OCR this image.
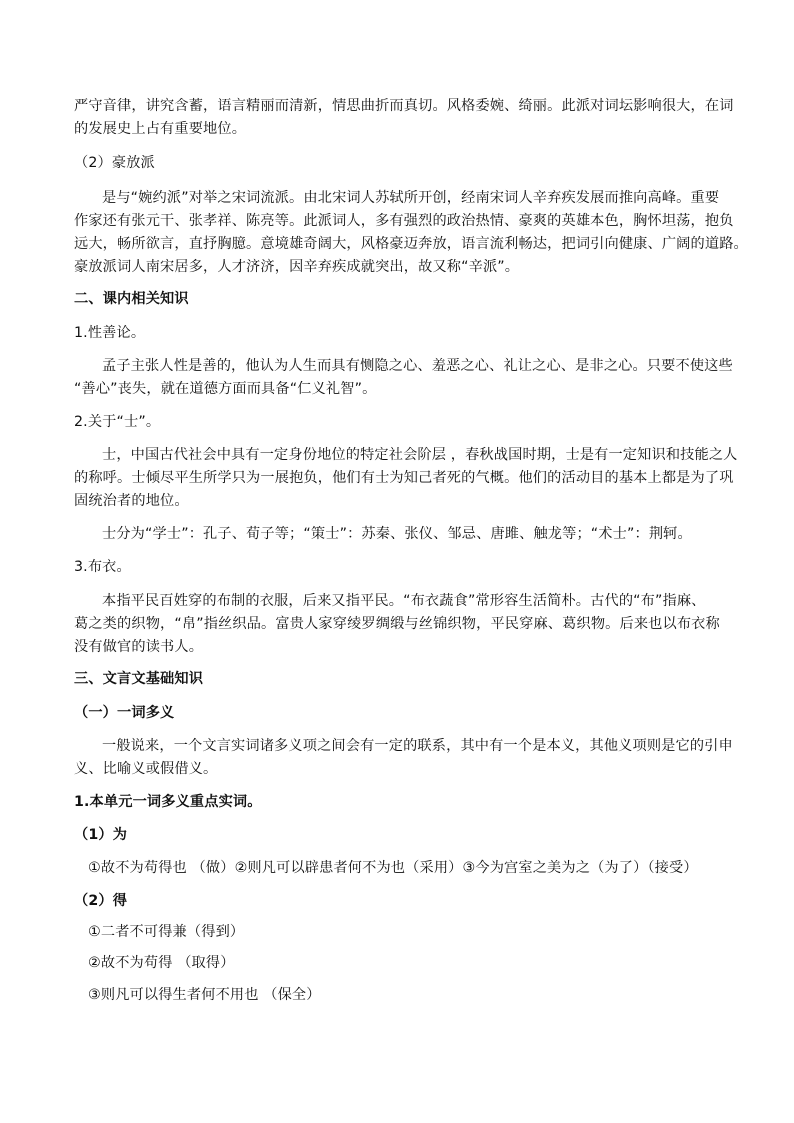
严守音律，讲究含蓄，语言精丽而清新，情思曲折而真切。风格委婉、绮丽。此派对词坛影响很大，在词
的发展史上占有重要地位。
（2）豪放派
是与“婉约派”对举之宋词流派。由北宋词人苏轼所开创，经南宋词人辛弃疾发展而推向高峰。重要
作家还有张元干、张孝祥、陈亮等。此派词人，多有强烈的政治热情、豪爽的英雄本色，胸怀坦荡，抱负
远大，畅所欲言，直抒胸臆。意境雄奇阔大，风格豪迈奔放，语言流利畅达，把词引向健康、广阔的道路。
豪放派词人南宋居多，人才济济，因辛弃疾成就突出，故又称“辛派”。
二、课内相关知识
1.性善论。
孟子主张人性是善的，他认为人生而具有恻隐之心、羞恶之心、礼让之心、是非之心。只要不使这些
“善心”丧失，就在道德方面而具备“仁义礼智”。
2.关于“士”。
士，中国古代社会中具有一定身份地位的特定社会阶层 ，春秋战国时期，士是有一定知识和技能之人
的称呼。士倾尽平生所学只为一展抱负，他们有士为知己者死的气概。他们的活动目的基本上都是为了巩
固统治者的地位。
士分为“学士”：孔子、荀子等；“策士”：苏秦、张仪、邹忌、唐雎、触龙等；“术士”：荆轲。
3.布衣。
本指平民百姓穿的布制的衣服，后来又指平民。“布衣蔬食”常形容生活简朴。古代的“布”指麻、
葛之类的织物，“帛”指丝织品。富贵人家穿绫罗绸缎与丝锦织物，平民穿麻、葛织物。后来也以布衣称
没有做官的读书人。
三、文言文基础知识
（一）一词多义
一般说来，一个文言实词诸多义项之间会有一定的联系，其中有一个是本义，其他义项则是它的引申
义、比喻义或假借义。
1.本单元一词多义重点实词。
（1）为
①故不为苟得也 （做）②则凡可以辟患者何不为也（采用）③今为宫室之美为之（为了）（接受）
（2）得
①二者不可得兼（得到）
②故不为苟得 （取得）
③则凡可以得生者何不用也 （保全）
